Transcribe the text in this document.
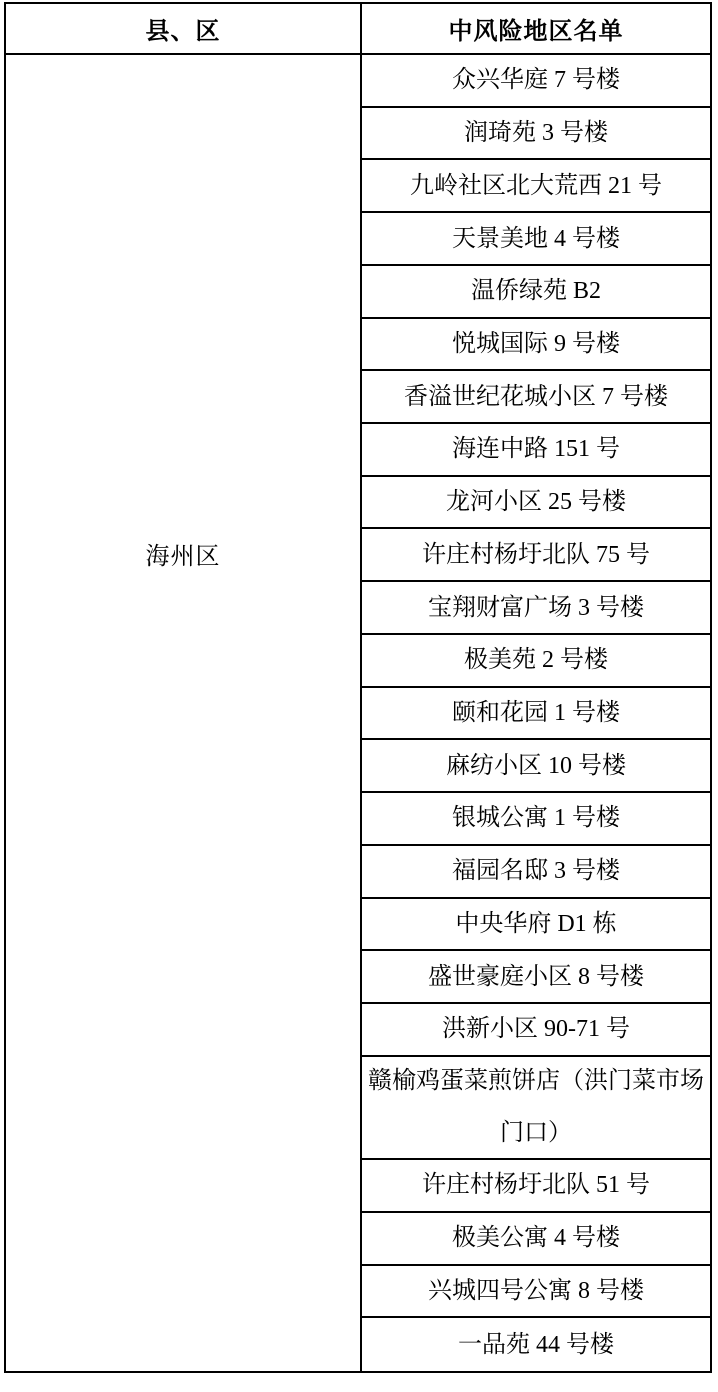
县、区	中风险地区名单
海州区
众兴华庭 7 号楼
润琦苑 3 号楼
九岭社区北大荒西 21 号
天景美地 4 号楼
温侨绿苑 B2
悦城国际 9 号楼
香溢世纪花城小区 7 号楼
海连中路 151 号
龙河小区 25 号楼
许庄村杨圩北队 75 号
宝翔财富广场 3 号楼
极美苑 2 号楼
颐和花园 1 号楼
麻纺小区 10 号楼
银城公寓 1 号楼
福园名邸 3 号楼
中央华府 D1 栋
盛世豪庭小区 8 号楼
洪新小区 90-71 号
赣榆鸡蛋菜煎饼店（洪门菜市场门口）
许庄村杨圩北队 51 号
极美公寓 4 号楼
兴城四号公寓 8 号楼
一品苑 44 号楼
